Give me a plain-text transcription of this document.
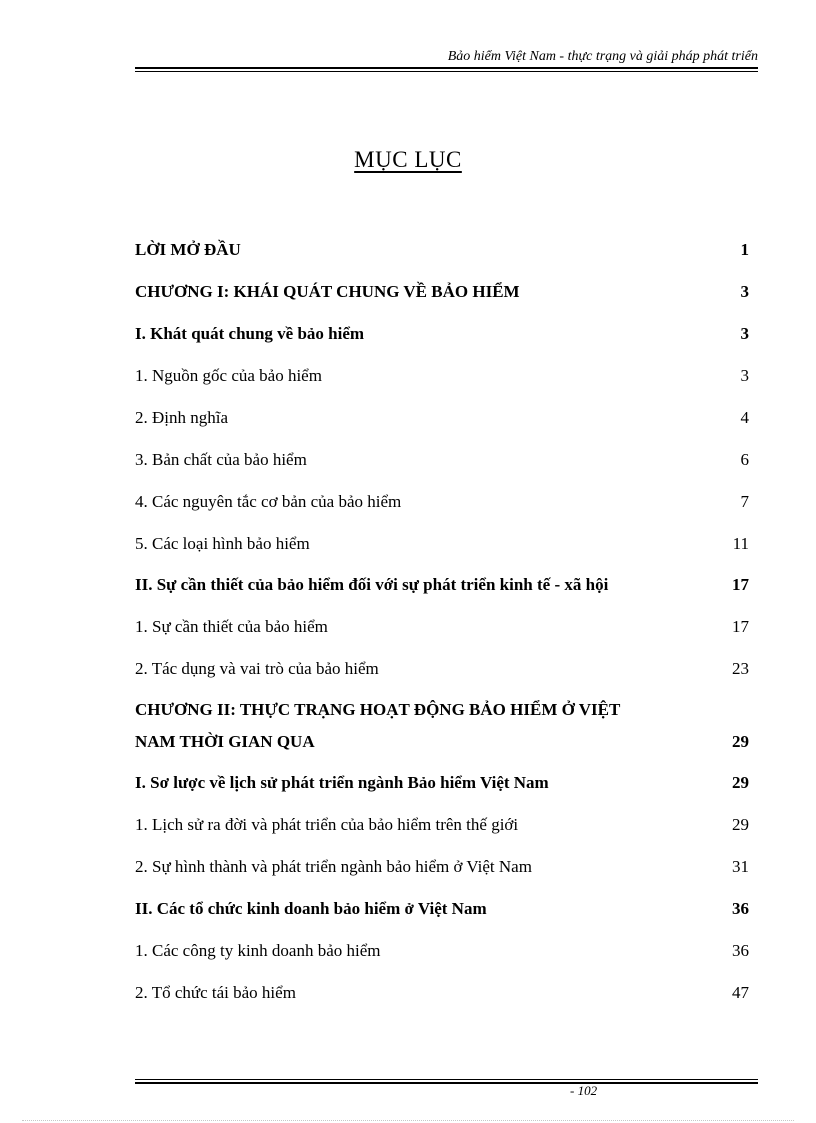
Bảo hiểm Việt Nam - thực trạng và giải pháp phát triển
MỤC LỤC
LỜI MỞ ĐẦU	1
CHƯƠNG I: KHÁI QUÁT CHUNG VỀ BẢO HIỂM	3
I. Khát quát chung về bảo hiểm	3
1. Nguồn gốc của bảo hiểm	3
2. Định nghĩa	4
3. Bản chất của bảo hiểm	6
4. Các nguyên tắc cơ bản của bảo hiểm	7
5. Các loại hình bảo hiểm	11
II. Sự cần thiết của bảo hiểm đối với sự phát triển kinh tế - xã hội	17
1. Sự cần thiết của bảo hiểm	17
2. Tác dụng và vai trò của bảo hiểm	23
CHƯƠNG II: THỰC TRẠNG HOẠT ĐỘNG BẢO HIỂM Ở VIỆT
NAM THỜI GIAN QUA	29
I. Sơ lược về lịch sử phát triển ngành Bảo hiểm Việt Nam	29
1. Lịch sử ra đời và phát triển của bảo hiểm trên thế giới	29
2. Sự hình thành và phát triển ngành bảo hiểm ở Việt Nam	31
II. Các tổ chức kinh doanh bảo hiểm ở Việt Nam	36
1. Các công ty kinh doanh bảo hiểm	36
2. Tổ chức tái bảo hiểm	47
- 102
